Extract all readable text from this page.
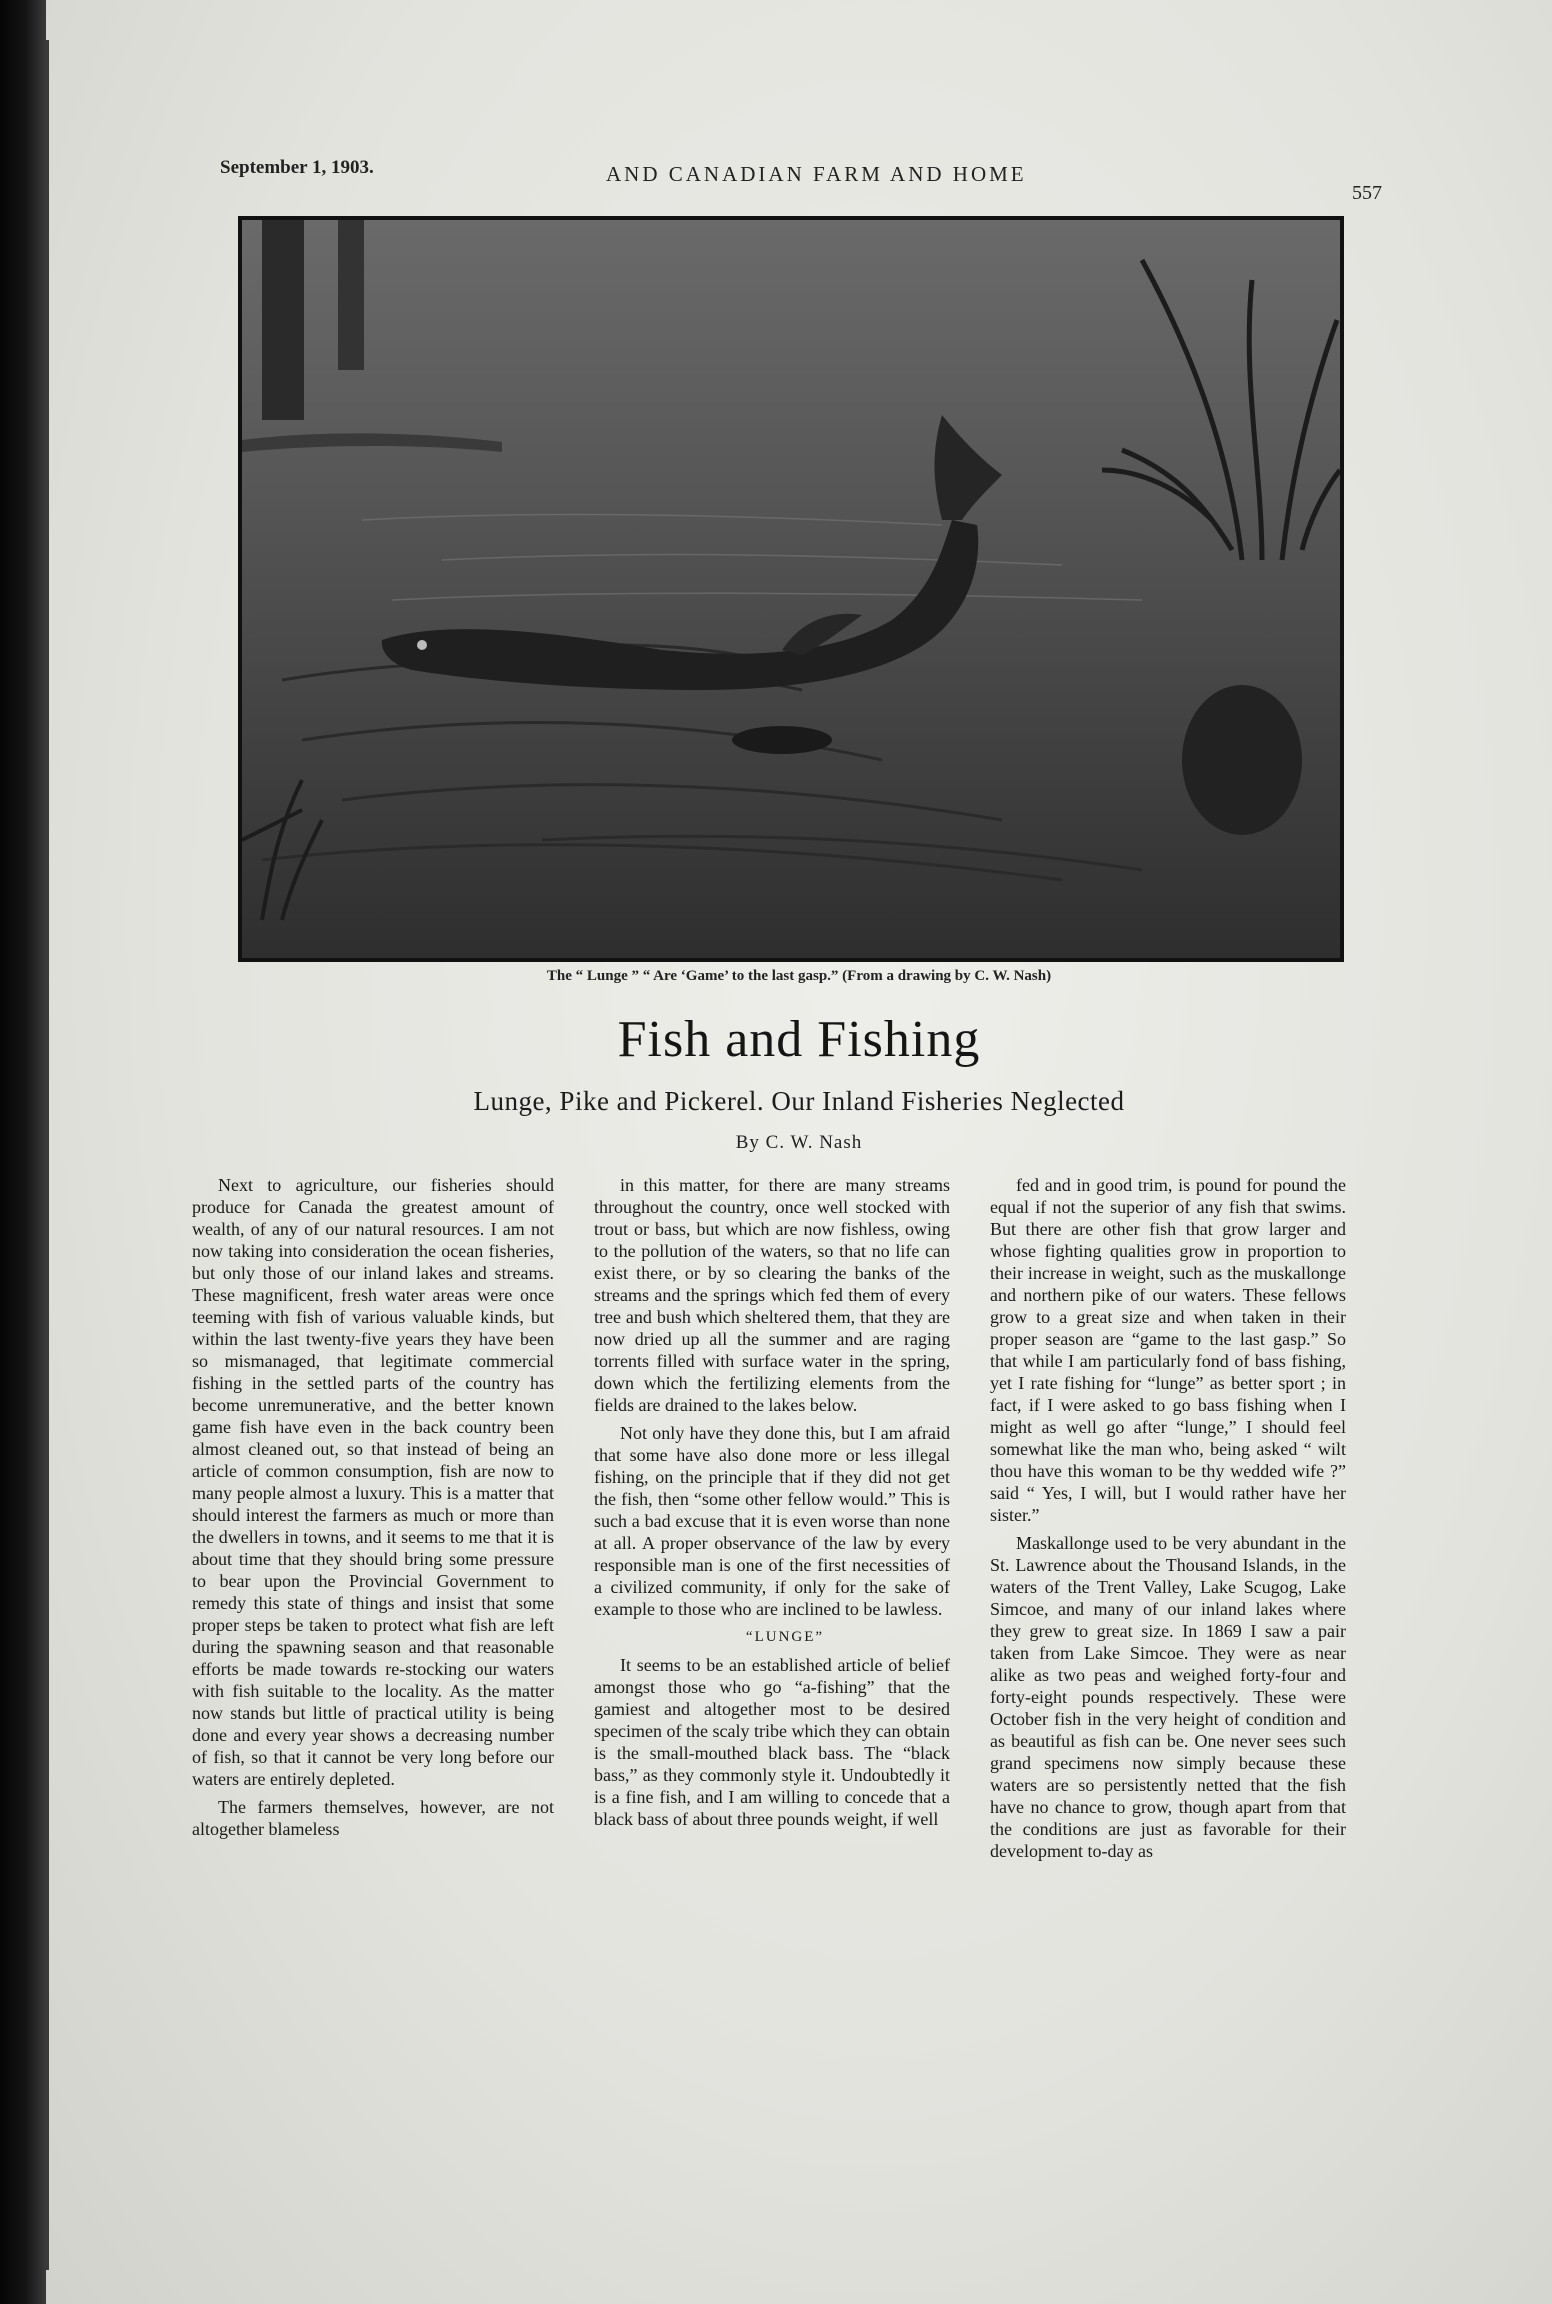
September 1, 1903.	AND CANADIAN FARM AND HOME
557
The “ Lunge ” “ Are ‘Game’ to the last gasp.” (From a drawing by C. W. Nash)
Fish and Fishing
Lunge, Pike and Pickerel. Our Inland Fisheries Neglected
By C. W. Nash

Next to agriculture, our fisheries should produce for Canada the greatest amount of wealth, of any of our natural resources. I am not now taking into consideration the ocean fisheries, but only those of our inland lakes and streams. These magnificent, fresh water areas were once teeming with fish of various valuable kinds, but within the last twenty-five years they have been so mismanaged, that legitimate commercial fishing in the settled parts of the country has become unremunerative, and the better known game fish have even in the back country been almost cleaned out, so that instead of being an article of common consumption, fish are now to many people almost a luxury. This is a matter that should interest the farmers as much or more than the dwellers in towns, and it seems to me that it is about time that they should bring some pressure to bear upon the Provincial Government to remedy this state of things and insist that some proper steps be taken to protect what fish are left during the spawning season and that reasonable efforts be made towards re-stocking our waters with fish suitable to the locality. As the matter now stands but little of practical utility is being done and every year shows a decreasing number of fish, so that it cannot be very long before our waters are entirely depleted.

The farmers themselves, however, are not altogether blameless

in this matter, for there are many streams throughout the country, once well stocked with trout or bass, but which are now fishless, owing to the pollution of the waters, so that no life can exist there, or by so clearing the banks of the streams and the springs which fed them of every tree and bush which sheltered them, that they are now dried up all the summer and are raging torrents filled with surface water in the spring, down which the fertilizing elements from the fields are drained to the lakes below.

Not only have they done this, but I am afraid that some have also done more or less illegal fishing, on the principle that if they did not get the fish, then “some other fellow would.” This is such a bad excuse that it is even worse than none at all. A proper observance of the law by every responsible man is one of the first necessities of a civilized community, if only for the sake of example to those who are inclined to be lawless.

“LUNGE”

It seems to be an established article of belief amongst those who go “a-fishing” that the gamiest and altogether most to be desired specimen of the scaly tribe which they can obtain is the small-mouthed black bass. The “black bass,” as they commonly style it. Undoubtedly it is a fine fish, and I am willing to concede that a black bass of about three pounds weight, if well

fed and in good trim, is pound for pound the equal if not the superior of any fish that swims. But there are other fish that grow larger and whose fighting qualities grow in proportion to their increase in weight, such as the muskallonge and northern pike of our waters. These fellows grow to a great size and when taken in their proper season are “game to the last gasp.” So that while I am particularly fond of bass fishing, yet I rate fishing for “lunge” as better sport ; in fact, if I were asked to go bass fishing when I might as well go after “lunge,” I should feel somewhat like the man who, being asked “ wilt thou have this woman to be thy wedded wife ?” said “ Yes, I will, but I would rather have her sister.”

Maskallonge used to be very abundant in the St. Lawrence about the Thousand Islands, in the waters of the Trent Valley, Lake Scugog, Lake Simcoe, and many of our inland lakes where they grew to great size. In 1869 I saw a pair taken from Lake Simcoe. They were as near alike as two peas and weighed forty-four and forty-eight pounds respectively. These were October fish in the very height of condition and as beautiful as fish can be. One never sees such grand specimens now simply because these waters are so persistently netted that the fish have no chance to grow, though apart from that the conditions are just as favorable for their development to-day as
